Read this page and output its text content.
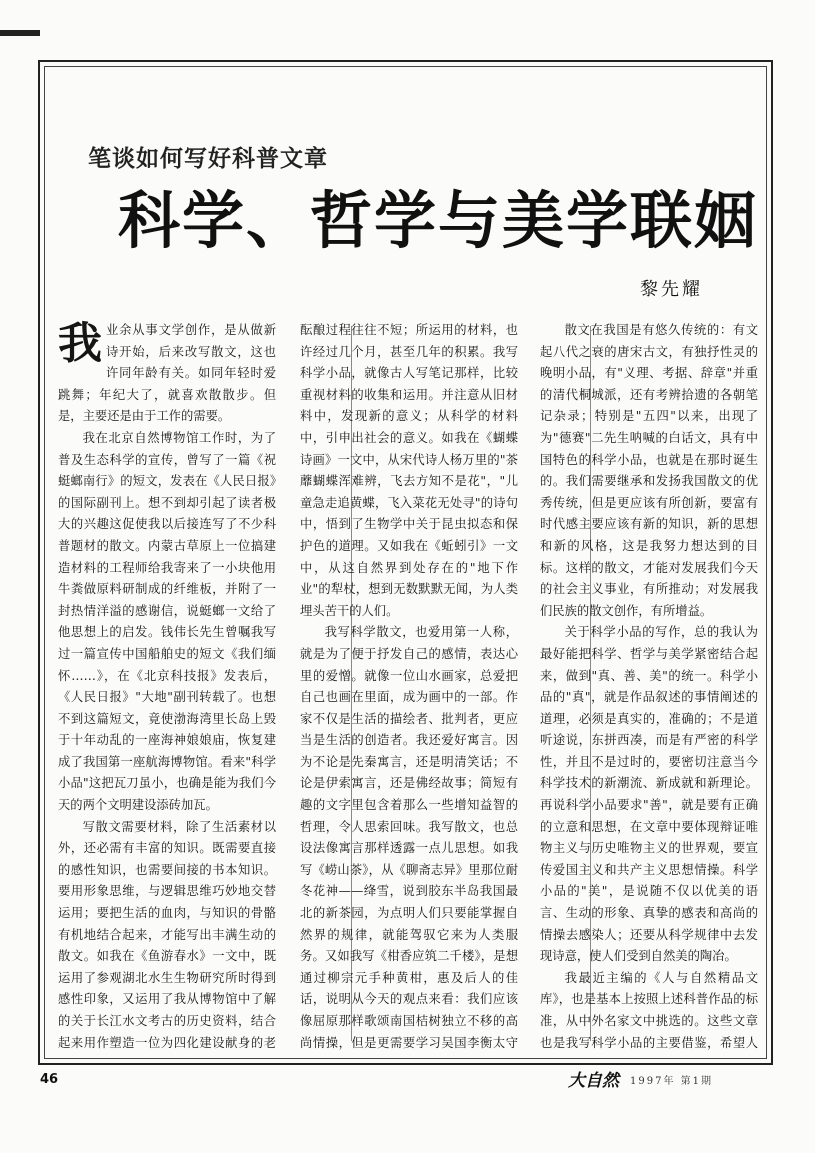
笔谈如何写好科普文章
科学、哲学与美学联姻
黎先耀

我业余从事文学创作，是从做新诗开始，后来改写散文，这也许同年龄有关。如同年轻时爱跳舞；年纪大了，就喜欢散散步。但是，主要还是由于工作的需要。

我在北京自然博物馆工作时，为了普及生态科学的宣传，曾写了一篇《祝蜓螂南行》的短文，发表在《人民日报》的国际副刊上。想不到却引起了读者极大的兴趣这促使我以后接连写了不少科普题材的散文。内蒙古草原上一位搞建造材料的工程师给我寄来了一小块他用牛粪做原料研制成的纤维板，并附了一封热情洋溢的感谢信，说蜓螂一文给了他思想上的启发。钱伟长先生曾嘱我写过一篇宣传中国船舶史的短文《我们缅怀……》，在《北京科技报》发表后，《人民日报》"大地"副刊转载了。也想不到这篇短文，竟使渤海湾里长岛上毁于十年动乱的一座海神娘娘庙，恢复建成了我国第一座航海博物馆。看来"科学小品"这把瓦刀虽小，也确是能为我们今天的两个文明建设添砖加瓦。

写散文需要材料，除了生活素材以外，还必需有丰富的知识。既需要直接的感性知识，也需要间接的书本知识。要用形象思维，与逻辑思维巧妙地交替运用；要把生活的血肉，与知识的骨骼有机地结合起来，才能写出丰满生动的散文。如我在《鱼游春水》一文中，既运用了参观湖北水生生物研究所时得到感性印象，又运用了我从博物馆中了解的关于长江水文考古的历史资料，结合起来用作塑造一位为四化建设献身的老

酝酿过程往往不短；所运用的材料，也许经过几个月，甚至几年的积累。我写科学小品，就像古人写笔记那样，比较重视材料的收集和运用。并注意从旧材料中，发现新的意义；从科学的材料中，引申出社会的意义。如我在《蝴蝶诗画》一文中，从宋代诗人杨万里的"茶蘼蝴蝶浑难辨，飞去方知不是花"，"儿童急走追黄蝶，飞入菜花无处寻"的诗句中，悟到了生物学中关于昆虫拟态和保护色的道理。又如我在《蚯蚓引》一文中，从这自然界到处存在的"地下作业"的犁杖，想到无数默默无闻，为人类埋头苦干的人们。

我写科学散文，也爱用第一人称，就是为了便于抒发自己的感情，表达心里的爱憎。就像一位山水画家，总爱把自己也画在里面，成为画中的一部。作家不仅是生活的描绘者、批判者，更应当是生活的创造者。我还爱好寓言。因为不论是先秦寓言，还是明清笑话；不论是伊索寓言，还是佛经故事；简短有趣的文字里包含着那么一些增知益智的哲理，令人思索回味。我写散文，也总设法像寓言那样透露一点儿思想。如我写《崂山茶》，从《聊斋志异》里那位耐冬花神——绛雪，说到胶东半岛我国最北的新茶园，为点明人们只要能掌握自然界的规律，就能驾驭它来为人类服务。又如我写《柑香应筑二千楼》，是想通过柳宗元手种黄柑，惠及后人的佳话，说明从今天的观点来看：我们应该像屈原那样歌颂南国桔树独立不移的高尚情操，但是更需要学习吴国李衡太守

散文在我国是有悠久传统的：有文起八代之衰的唐宋古文，有独抒性灵的晚明小品，有"义理、考据、辞章"并重的清代桐城派，还有考辨拾遗的各朝笔记杂录；特别是"五四"以来，出现了为"德赛"二先生呐喊的白话文，具有中国特色的科学小品，也就是在那时诞生的。我们需要继承和发扬我国散文的优秀传统，但是更应该有所创新，要富有时代感主要应该有新的知识，新的思想和新的风格，这是我努力想达到的目标。这样的散文，才能对发展我们今天的社会主义事业，有所推动；对发展我们民族的散文创作，有所增益。

关于科学小品的写作，总的我认为最好能把科学、哲学与美学紧密结合起来，做到"真、善、美"的统一。科学小品的"真"，就是作品叙述的事情阐述的道理，必须是真实的，准确的；不是道听途说，东拼西凑，而是有严密的科学性，并且不是过时的，要密切注意当今科学技术的新潮流、新成就和新理论。再说科学小品要求"善"，就是要有正确的立意和思想，在文章中要体现辩证唯物主义与历史唯物主义的世界观，要宣传爱国主义和共产主义思想情操。科学小品的"美"，是说随不仅以优美的语言、生动的形象、真挚的感表和高尚的情操去感染人；还要从科学规律中去发现诗意，使人们受到自然美的陶冶。

我最近主编的《人与自然精品文库》，也是基本上按照上述科普作品的标准，从中外名家文中挑选的。这些文章也是我写科学小品的主要借鉴，希望人

46	大自然 1997年 第1期
